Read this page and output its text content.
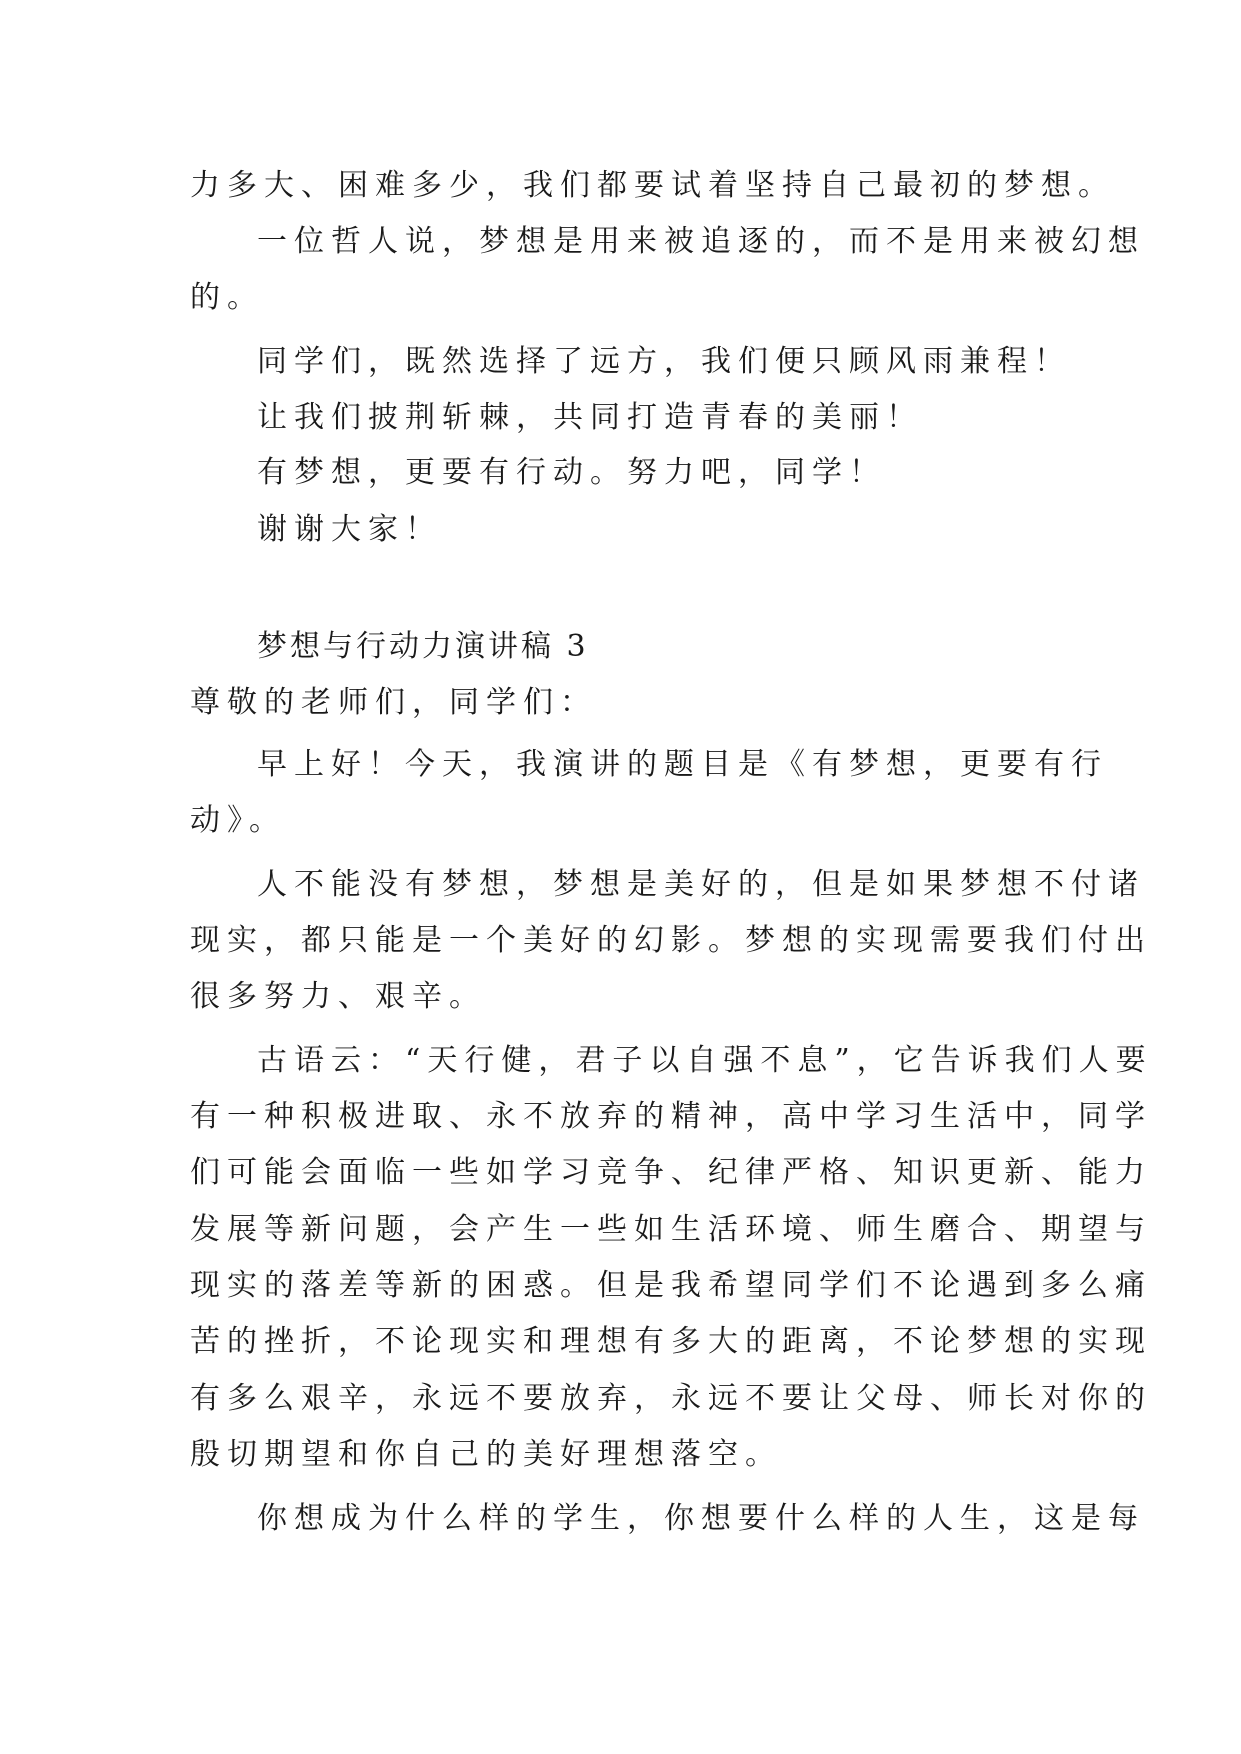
力多大、困难多少，我们都要试着坚持自己最初的梦想。
一位哲人说，梦想是用来被追逐的，而不是用来被幻想
的。
同学们，既然选择了远方，我们便只顾风雨兼程！
让我们披荆斩棘，共同打造青春的美丽！
有梦想，更要有行动。努力吧，同学！
谢谢大家！
梦想与行动力演讲稿 3
尊敬的老师们，同学们：
早上好！今天，我演讲的题目是《有梦想，更要有行
动》。
人不能没有梦想，梦想是美好的，但是如果梦想不付诸
现实，都只能是一个美好的幻影。梦想的实现需要我们付出
很多努力、艰辛。
古语云：“天行健，君子以自强不息”，它告诉我们人要
有一种积极进取、永不放弃的精神，高中学习生活中，同学
们可能会面临一些如学习竞争、纪律严格、知识更新、能力
发展等新问题，会产生一些如生活环境、师生磨合、期望与
现实的落差等新的困惑。但是我希望同学们不论遇到多么痛
苦的挫折，不论现实和理想有多大的距离，不论梦想的实现
有多么艰辛，永远不要放弃，永远不要让父母、师长对你的
殷切期望和你自己的美好理想落空。
你想成为什么样的学生，你想要什么样的人生，这是每
